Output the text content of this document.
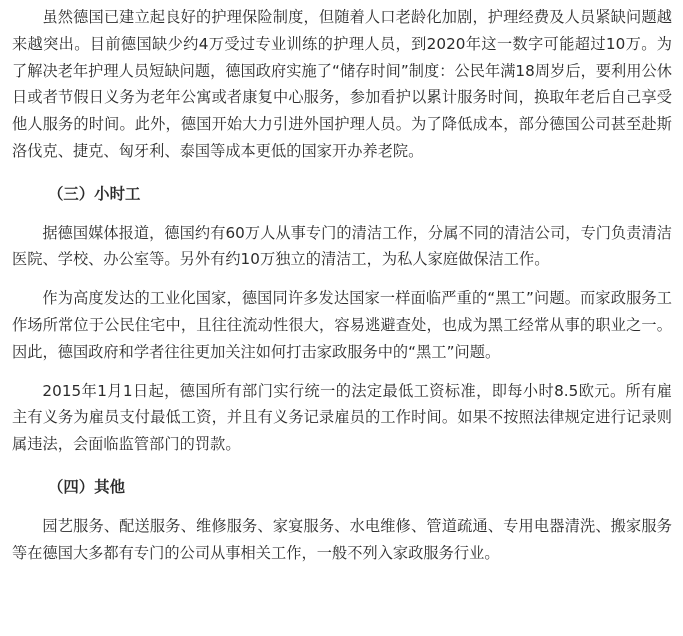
虽然德国已建立起良好的护理保险制度，但随着人口老龄化加剧，护理经费及人员紧缺问题越来越突出。目前德国缺少约4万受过专业训练的护理人员，到2020年这一数字可能超过10万。为了解决老年护理人员短缺问题，德国政府实施了“储存时间”制度：公民年满18周岁后，要利用公休日或者节假日义务为老年公寓或者康复中心服务，参加看护以累计服务时间，换取年老后自己享受他人服务的时间。此外，德国开始大力引进外国护理人员。为了降低成本，部分德国公司甚至赴斯洛伐克、捷克、匈牙利、泰国等成本更低的国家开办养老院。

（三）小时工

据德国媒体报道，德国约有60万人从事专门的清洁工作，分属不同的清洁公司，专门负责清洁医院、学校、办公室等。另外有约10万独立的清洁工，为私人家庭做保洁工作。

作为高度发达的工业化国家，德国同许多发达国家一样面临严重的“黑工”问题。而家政服务工作场所常位于公民住宅中，且往往流动性很大，容易逃避查处，也成为黑工经常从事的职业之一。因此，德国政府和学者往往更加关注如何打击家政服务中的“黑工”问题。

2015年1月1日起，德国所有部门实行统一的法定最低工资标准，即每小时8.5欧元。所有雇主有义务为雇员支付最低工资，并且有义务记录雇员的工作时间。如果不按照法律规定进行记录则属违法，会面临监管部门的罚款。

（四）其他

园艺服务、配送服务、维修服务、家宴服务、水电维修、管道疏通、专用电器清洗、搬家服务等在德国大多都有专门的公司从事相关工作，一般不列入家政服务行业。
